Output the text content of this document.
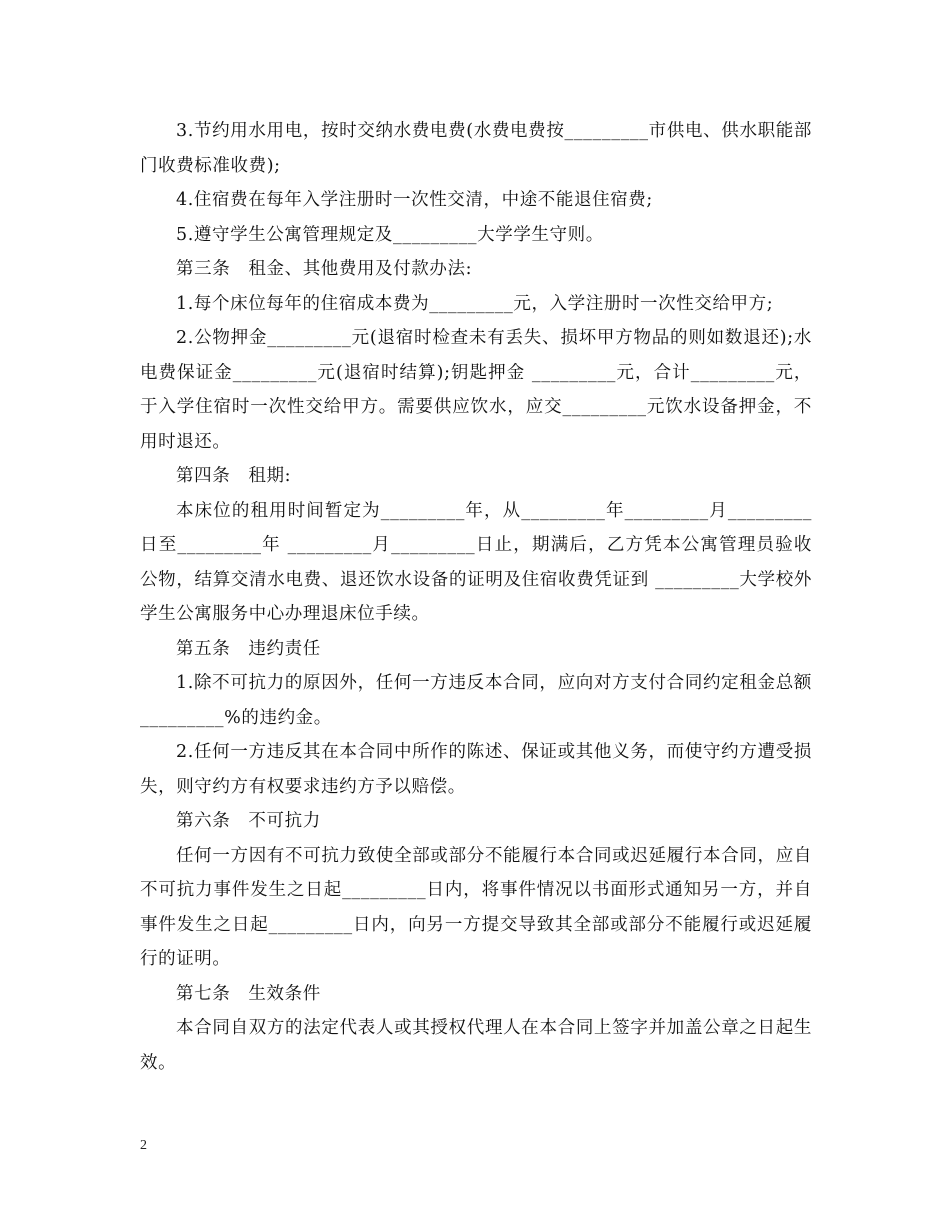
3.节约用水用电，按时交纳水费电费(水费电费按_________市供电、供水职能部门收费标准收费);

4.住宿费在每年入学注册时一次性交清，中途不能退住宿费;

5.遵守学生公寓管理规定及_________大学学生守则。

第三条　租金、其他费用及付款办法:

1.每个床位每年的住宿成本费为_________元，入学注册时一次性交给甲方;

2.公物押金_________元(退宿时检查未有丢失、损坏甲方物品的则如数退还);水电费保证金_________元(退宿时结算);钥匙押金 _________元，合计_________元，于入学住宿时一次性交给甲方。需要供应饮水，应交_________元饮水设备押金，不用时退还。

第四条　租期:

本床位的租用时间暂定为_________年，从_________年_________月_________日至_________年 _________月_________日止，期满后，乙方凭本公寓管理员验收公物，结算交清水电费、退还饮水设备的证明及住宿收费凭证到 _________大学校外学生公寓服务中心办理退床位手续。

第五条　违约责任

1.除不可抗力的原因外，任何一方违反本合同，应向对方支付合同约定租金总额_________%的违约金。

2.任何一方违反其在本合同中所作的陈述、保证或其他义务，而使守约方遭受损失，则守约方有权要求违约方予以赔偿。

第六条　不可抗力

任何一方因有不可抗力致使全部或部分不能履行本合同或迟延履行本合同，应自不可抗力事件发生之日起_________日内，将事件情况以书面形式通知另一方，并自事件发生之日起_________日内，向另一方提交导致其全部或部分不能履行或迟延履行的证明。

第七条　生效条件

本合同自双方的法定代表人或其授权代理人在本合同上签字并加盖公章之日起生效。

2
